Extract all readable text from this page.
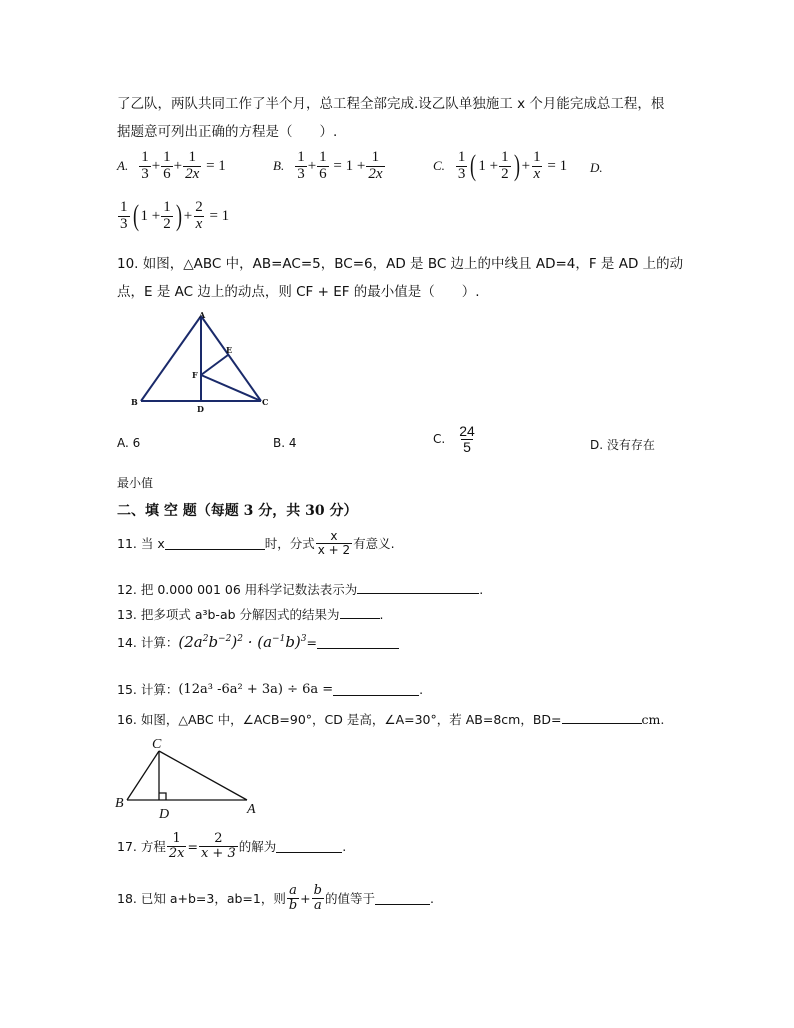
了乙队，两队共同工作了半个月，总工程全部完成.设乙队单独施工 x 个月能完成总工程，根
据题意可列出正确的方程是（　　）.
A. $\frac{1}{3} + \frac{1}{6} + \frac{1}{2x} = 1$	B. $\frac{1}{3} + \frac{1}{6} = 1 + \frac{1}{2x}$	C. $\frac{1}{3}$ ( $1 + \frac{1}{2}$ ) + $\frac{1}{x} = 1$ D.
$\frac{1}{3}$ ( $1 + \frac{1}{2}$ ) + $\frac{2}{x} = 1$
10. 如图，△ABC 中，AB=AC=5，BC=6，AD 是 BC 边上的中线且 AD=4，F 是 AD 上的动
点，E 是 AC 边上的动点，则 CF + EF 的最小值是（　　）.
A
B	C
D
E
F
A. 6	B. 4	C. $\frac{24}{5}$	D. 没有存在
最小值
二、填 空 题（每题 3 分，共 30 分）
11. 当 x	时，分式 $\frac{x}{x + 2}$ 有意义.
12. 把 0.000 001 06 用科学记数法表示为	.
13. 把多项式 a³b-ab 分解因式的结果为	.
14. 计算： $(2a^2b^{-2})^2 \cdot (a^{-1}b)^3$ =
15. 计算： (12a³ -6a² + 3a) ÷ 6a =	.
16. 如图，△ABC 中，∠ACB=90°，CD 是高，∠A=30°，若 AB=8cm，BD=	cm.
C
B
D	A
17. 方程 $\frac{1}{2x} = \frac{2}{x + 3}$ 的解为	.
18. 已知 a+b=3，ab=1，则 $\frac{a}{b} + \frac{b}{a}$ 的值等于	.
